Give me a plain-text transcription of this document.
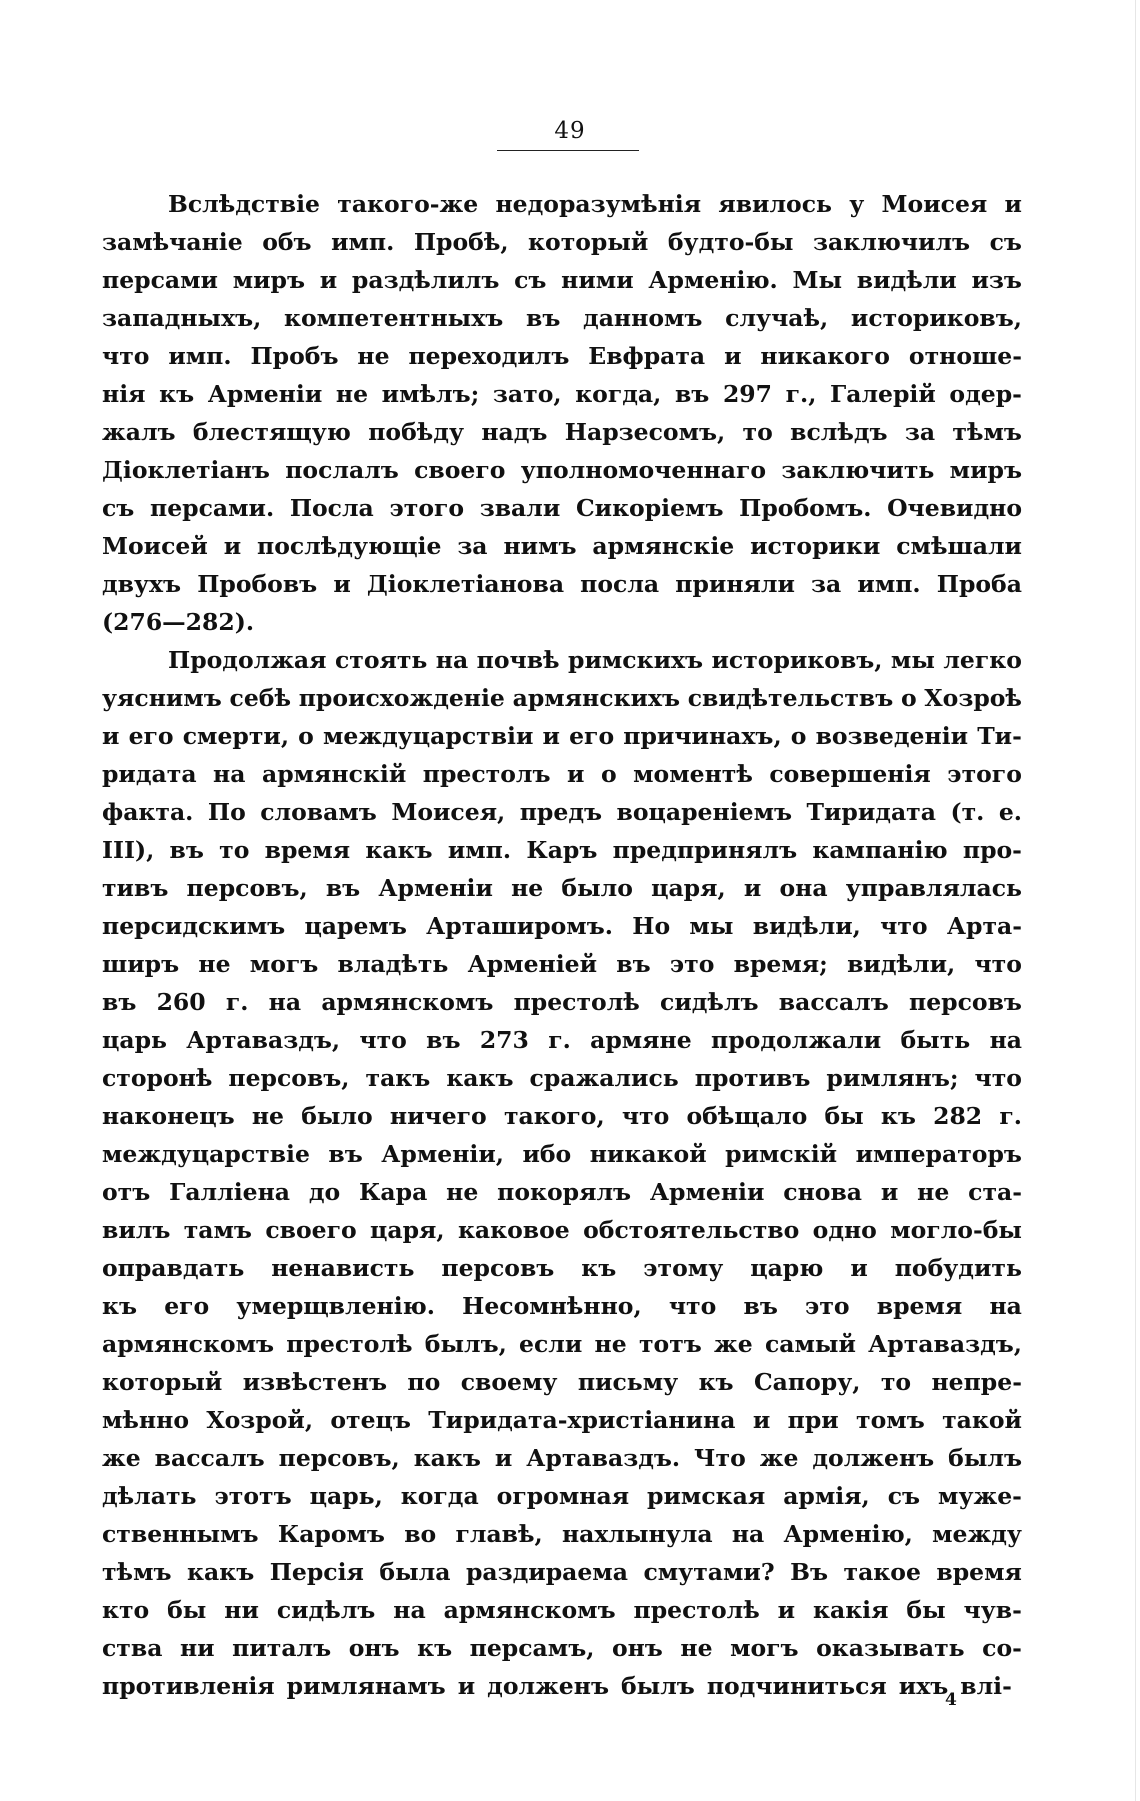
49
Вслѣдствіе такого-же недоразумѣнія явилось у Моисея и
замѣчаніе объ имп. Пробѣ, который будто-бы заключилъ съ
персами миръ и раздѣлилъ съ ними Арменію. Мы видѣли изъ
западныхъ, компетентныхъ въ данномъ случаѣ, историковъ,
что имп. Пробъ не переходилъ Евфрата и никакого отноше-
нія къ Арменіи не имѣлъ; зато, когда, въ 297 г., Галерій одер-
жалъ блестящую побѣду надъ Нарзесомъ, то вслѣдъ за тѣмъ
Діоклетіанъ послалъ своего уполномоченнаго заключить миръ
съ персами. Посла этого звали Сикоріемъ Пробомъ. Очевидно
Моисей и послѣдующіе за нимъ армянскіе историки смѣшали
двухъ Пробовъ и Діоклетіанова посла приняли за имп. Проба
(276—282).
Продолжая стоять на почвѣ римскихъ историковъ, мы легко
уяснимъ себѣ происхожденіе армянскихъ свидѣтельствъ о Хозроѣ
и его смерти, о междуцарствіи и его причинахъ, о возведеніи Ти-
ридата на армянскій престолъ и о моментѣ совершенія этого
факта. По словамъ Моисея, предъ воцареніемъ Тиридата (т. е.
III), въ то время какъ имп. Каръ предпринялъ кампанію про-
тивъ персовъ, въ Арменіи не было царя, и она управлялась
персидскимъ царемъ Арташиромъ. Но мы видѣли, что Арта-
ширъ не могъ владѣть Арменіей въ это время; видѣли, что
въ 260 г. на армянскомъ престолѣ сидѣлъ вассалъ персовъ
царь Артаваздъ, что въ 273 г. армяне продолжали быть на
сторонѣ персовъ, такъ какъ сражались противъ римлянъ; что
наконецъ не было ничего такого, что обѣщало бы къ 282 г.
междуцарствіе въ Арменіи, ибо никакой римскій императоръ
отъ Галліена до Кара не покорялъ Арменіи снова и не ста-
вилъ тамъ своего царя, каковое обстоятельство одно могло-бы
оправдать ненависть персовъ къ этому царю и побудить
къ его умерщвленію. Несомнѣнно, что въ это время на
армянскомъ престолѣ былъ, если не тотъ же самый Артаваздъ,
который извѣстенъ по своему письму къ Сапору, то непре-
мѣнно Хозрой, отецъ Тиридата-христіанина и при томъ такой
же вассалъ персовъ, какъ и Артаваздъ. Что же долженъ былъ
дѣлать этотъ царь, когда огромная римская армія, съ муже-
ственнымъ Каромъ во главѣ, нахлынула на Арменію, между
тѣмъ какъ Персія была раздираема смутами? Въ такое время
кто бы ни сидѣлъ на армянскомъ престолѣ и какія бы чув-
ства ни питалъ онъ къ персамъ, онъ не могъ оказывать со-
противленія римлянамъ и долженъ былъ подчиниться ихъ влі-
4
